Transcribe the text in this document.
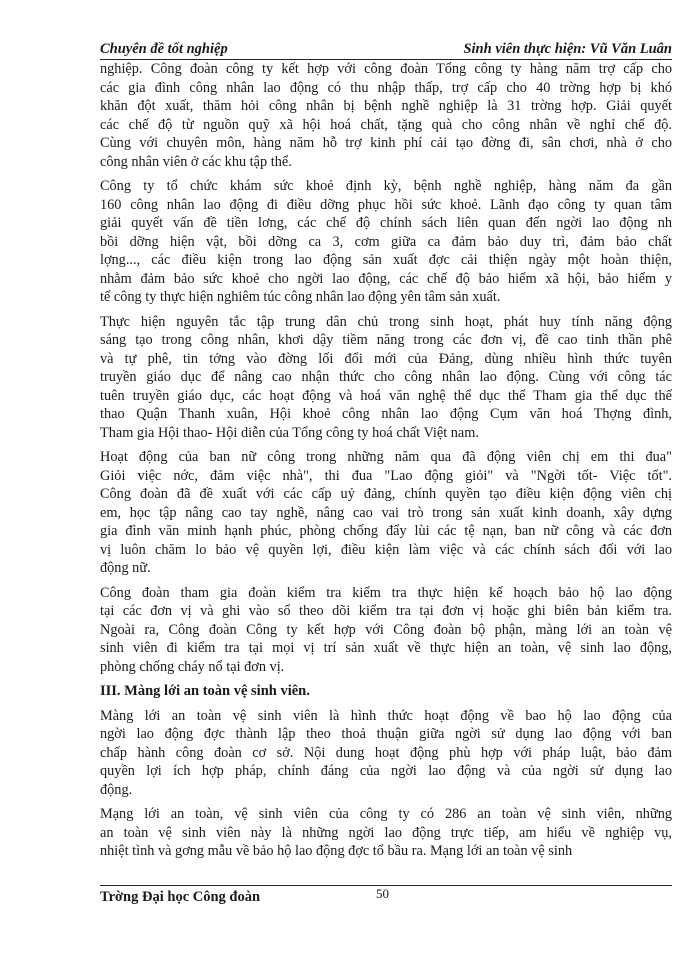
Chuyên đề tốt nghiệp	Sinh viên thực hiện: Vũ Văn Luân

nghiệp. Công đoàn công ty kết hợp với công đoàn Tổng công ty hàng năm trợ cấp cho
các gia đình công nhân lao động có thu nhập thấp, trợ cấp cho 40 trờng hợp bị khó
khăn đột xuất, thăm hỏi công nhân bị bệnh nghề nghiệp là 31 trờng hợp. Giải quyết
các chế độ từ nguồn quỹ xã hội hoá chất, tặng quà cho công nhân về nghỉ chế độ.
Cùng với chuyên môn, hàng năm hỗ trợ kinh phí cải tạo đờng đi, sân chơi, nhà ở cho
công nhân viên ở các khu tập thể.

Công ty tổ chức khám sức khoẻ định kỳ, bệnh nghề nghiệp, hàng năm đa gần
160 công nhân lao động đi điều dỡng phục hồi sức khoẻ. Lãnh đạo công ty quan tâm
giải quyết vấn đề tiền lơng, các chế độ chính sách liên quan đến ngời lao động nh
bồi dỡng hiện vật, bồi dỡng ca 3, cơm giữa ca đảm bảo duy trì, đảm bảo chất
lợng..., các điều kiện trong lao động sản xuất đợc cải thiện ngày một hoàn thiện,
nhằm đảm bảo sức khoẻ cho ngời lao động, các chế độ bảo hiểm xã hội, bảo hiểm y
tế công ty thực hiện nghiêm túc công nhân lao động yên tâm sản xuất.

Thực hiện nguyên tắc tập trung dân chủ trong sinh hoạt, phát huy tính năng động
sáng tạo trong công nhân, khơi dậy tiềm năng trong các đơn vị, đề cao tinh thần phê
và tự phê, tin tởng vào đờng lối đổi mới của Đảng, dùng nhiều hình thức tuyên
truyền giáo dục để nâng cao nhận thức cho công nhân lao động. Cùng với công tác
tuên truyền giáo dục, các hoạt động và hoá văn nghệ thể dục thể Tham gia thể dục thể
thao Quận Thanh xuân, Hội khoẻ công nhân lao động Cụm văn hoá Thợng đình,
Tham gia Hội thao- Hội diễn của Tổng công ty hoá chất Việt nam.

Hoạt động của ban nữ công trong những năm qua đã động viên chị em thi đua"
Giỏi việc nớc, đảm việc nhà", thi đua "Lao động giỏi" và "Ngời tốt- Việc tốt".
Công đoàn đã đề xuất với các cấp uỷ đảng, chính quyền tạo điều kiện động viên chị
em, học tập nâng cao tay nghề, nâng cao vai trò trong sản xuất kinh doanh, xây dựng
gia đình văn minh hạnh phúc, phòng chống đẩy lùi các tệ nạn, ban nữ công và các đơn
vị luôn chăm lo bảo vệ quyền lợi, điều kiện làm việc và các chính sách đối với lao
động nữ.

Công đoàn tham gia đoàn kiểm tra kiểm tra thực hiện kế hoạch bảo hộ lao động
tại các đơn vị và ghi vào sổ theo dõi kiểm tra tại đơn vị hoặc ghi biên bản kiểm tra.
Ngoài ra, Công đoàn Công ty kết hợp với Công đoàn bộ phận, màng lới an toàn vệ
sinh viên đi kiểm tra tại mọi vị trí sản xuất về thực hiện an toàn, vệ sinh lao động,
phòng chống cháy nổ tại đơn vị.

III. Màng lới an toàn vệ sinh viên.

Màng lới an toàn vệ sinh viên là hình thức hoạt động về bao hộ lao động của
ngời lao động đợc thành lập theo thoả thuận giữa ngời sử dụng lao động với ban
chấp hành công đoàn cơ sở. Nội dung hoạt động phù hợp với pháp luật, bảo đảm
quyền lợi ích hợp pháp, chính đáng của ngời lao động và của ngời sử dụng lao
động.

Mạng lới an toàn, vệ sinh viên của công ty có 286 an toàn vệ sinh viên, những
an toàn vệ sinh viên này là những ngời lao động trực tiếp, am hiểu về nghiệp vụ,
nhiệt tình và gơng mẫu về bảo hộ lao động đợc tổ bầu ra. Mạng lới an toàn vệ sinh

Trờng Đại học Công đoàn	50
